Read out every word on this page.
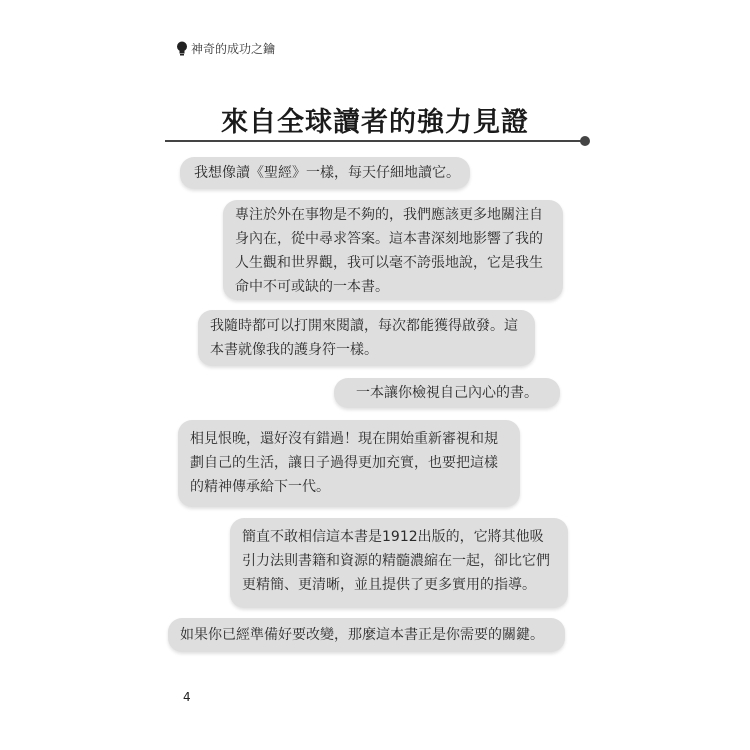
神奇的成功之鑰
來自全球讀者的強力見證
我想像讀《聖經》一樣，每天仔細地讀它。
專注於外在事物是不夠的，我們應該更多地關注自身內在，從中尋求答案。這本書深刻地影響了我的人生觀和世界觀，我可以毫不誇張地說，它是我生命中不可或缺的一本書。
我隨時都可以打開來閱讀，每次都能獲得啟發。這本書就像我的護身符一樣。
一本讓你檢視自己內心的書。
相見恨晚，還好沒有錯過！現在開始重新審視和規劃自己的生活，讓日子過得更加充實，也要把這樣的精神傳承給下一代。
簡直不敢相信這本書是1912出版的，它將其他吸引力法則書籍和資源的精髓濃縮在一起，卻比它們更精簡、更清晰，並且提供了更多實用的指導。
如果你已經準備好要改變，那麼這本書正是你需要的關鍵。
4
